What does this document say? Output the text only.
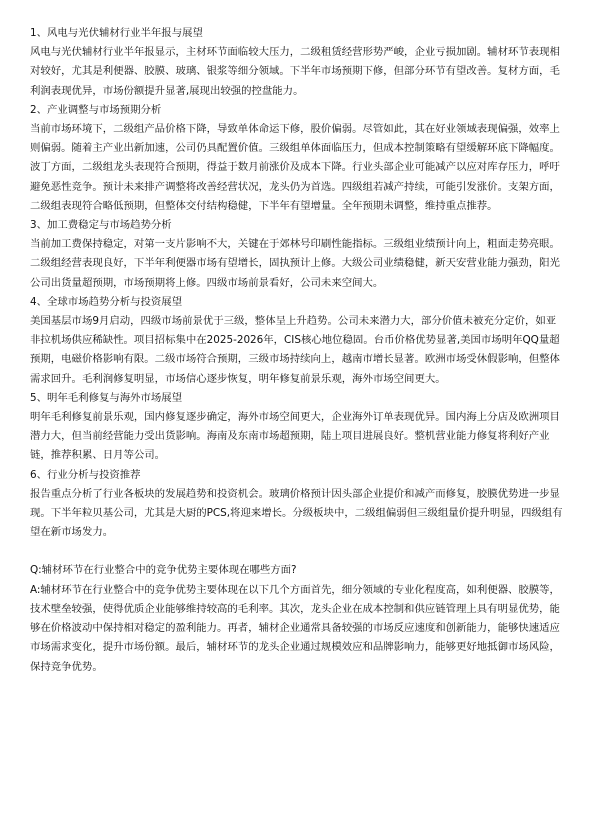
1、风电与光伏辅材行业半年报与展望

风电与光伏辅材行业半年报显示，主材环节面临较大压力，二级租赁经营形势严峻，企业亏损加剧。辅材环节表现相对较好，尤其是利便器、胶膜、玻璃、银浆等细分领域。下半年市场预期下修，但部分环节有望改善。复材方面，毛利润表现优异，市场份额提升显著,展现出较强的控盘能力。

2、产业调整与市场预期分析

当前市场环境下，二级组产品价格下降，导致单体命运下修，股价偏弱。尽管如此，其在好业领域表现偏强，效率上则偏弱。随着主产业出新加速，公司仍具配置价值。三级组单体面临压力，但成本控制策略有望缓解环底下降幅度。波丁方面，二级组龙头表现符合预期，得益于数月前涨价及成本下降。行业头部企业可能减产以应对库存压力，呼吁避免恶性竞争。预计未来排产调整将改善经营状况，龙头仍为首选。四级组若减产持续，可能引发涨价。支架方面，二级组表现符合略低预期，但整体交付结构稳健，下半年有望增量。全年预期未调整，维持重点推荐。

3、加工费稳定与市场趋势分析

当前加工费保持稳定，对第一支片影响不大，关键在于郊林号印刷性能指标。三级组业绩预计向上，粗面走势亮眼。二级组经营表现良好，下半年利便器市场有望增长，固执预计上修。大级公司业绩稳健，新天安营业能力强劲，阳光公司出货量超预期，市场预期将上修。四级市场前景看好，公司未来空间大。

4、全球市场趋势分析与投资展望

美国基层市场9月启动，四级市场前景优于三级，整体呈上升趋势。公司未来潜力大，部分价值未被充分定价，如亚非拉机场供应稀缺性。项目招标集中在2025-2026年，CIS核心地位稳固。台币价格优势显著,美国市场明年QQ量超预期，电磁价格影响有限。二级市场符合预期，三级市场持续向上，越南市增长显著。欧洲市场受休假影响，但整体需求回升。毛利润修复明显，市场信心逐步恢复，明年修复前景乐观，海外市场空间更大。

5、明年毛利修复与海外市场展望

明年毛利修复前景乐观，国内修复逐步确定，海外市场空间更大，企业海外订单表现优异。国内海上分店及欧洲项目潜力大，但当前经营能力受出货影响。海南及东南市场超预期，陆上项目进展良好。整机营业能力修复将利好产业链，推荐积累、日月等公司。

6、行业分析与投资推荐

报告重点分析了行业各板块的发展趋势和投资机会。玻璃价格预计因头部企业提价和减产而修复，胶膜优势进一步显现。下半年粒贝基公司，尤其是大厨的PCS,将迎来增长。分级板块中，二级组偏弱但三级组量价提升明显，四级组有望在新市场发力。

Q:辅材环节在行业整合中的竞争优势主要体现在哪些方面?

A:辅材环节在行业整合中的竞争优势主要体现在以下几个方面首先，细分领域的专业化程度高，如利便器、胶膜等，技术壁垒较强，使得优质企业能够维持较高的毛利率。其次，龙头企业在成本控制和供应链管理上具有明显优势，能够在价格波动中保持相对稳定的盈利能力。再者，辅材企业通常具备较强的市场反应速度和创新能力，能够快速适应市场需求变化，提升市场份额。最后，辅材环节的龙头企业通过规模效应和品牌影响力，能够更好地抵御市场风险，保持竞争优势。
